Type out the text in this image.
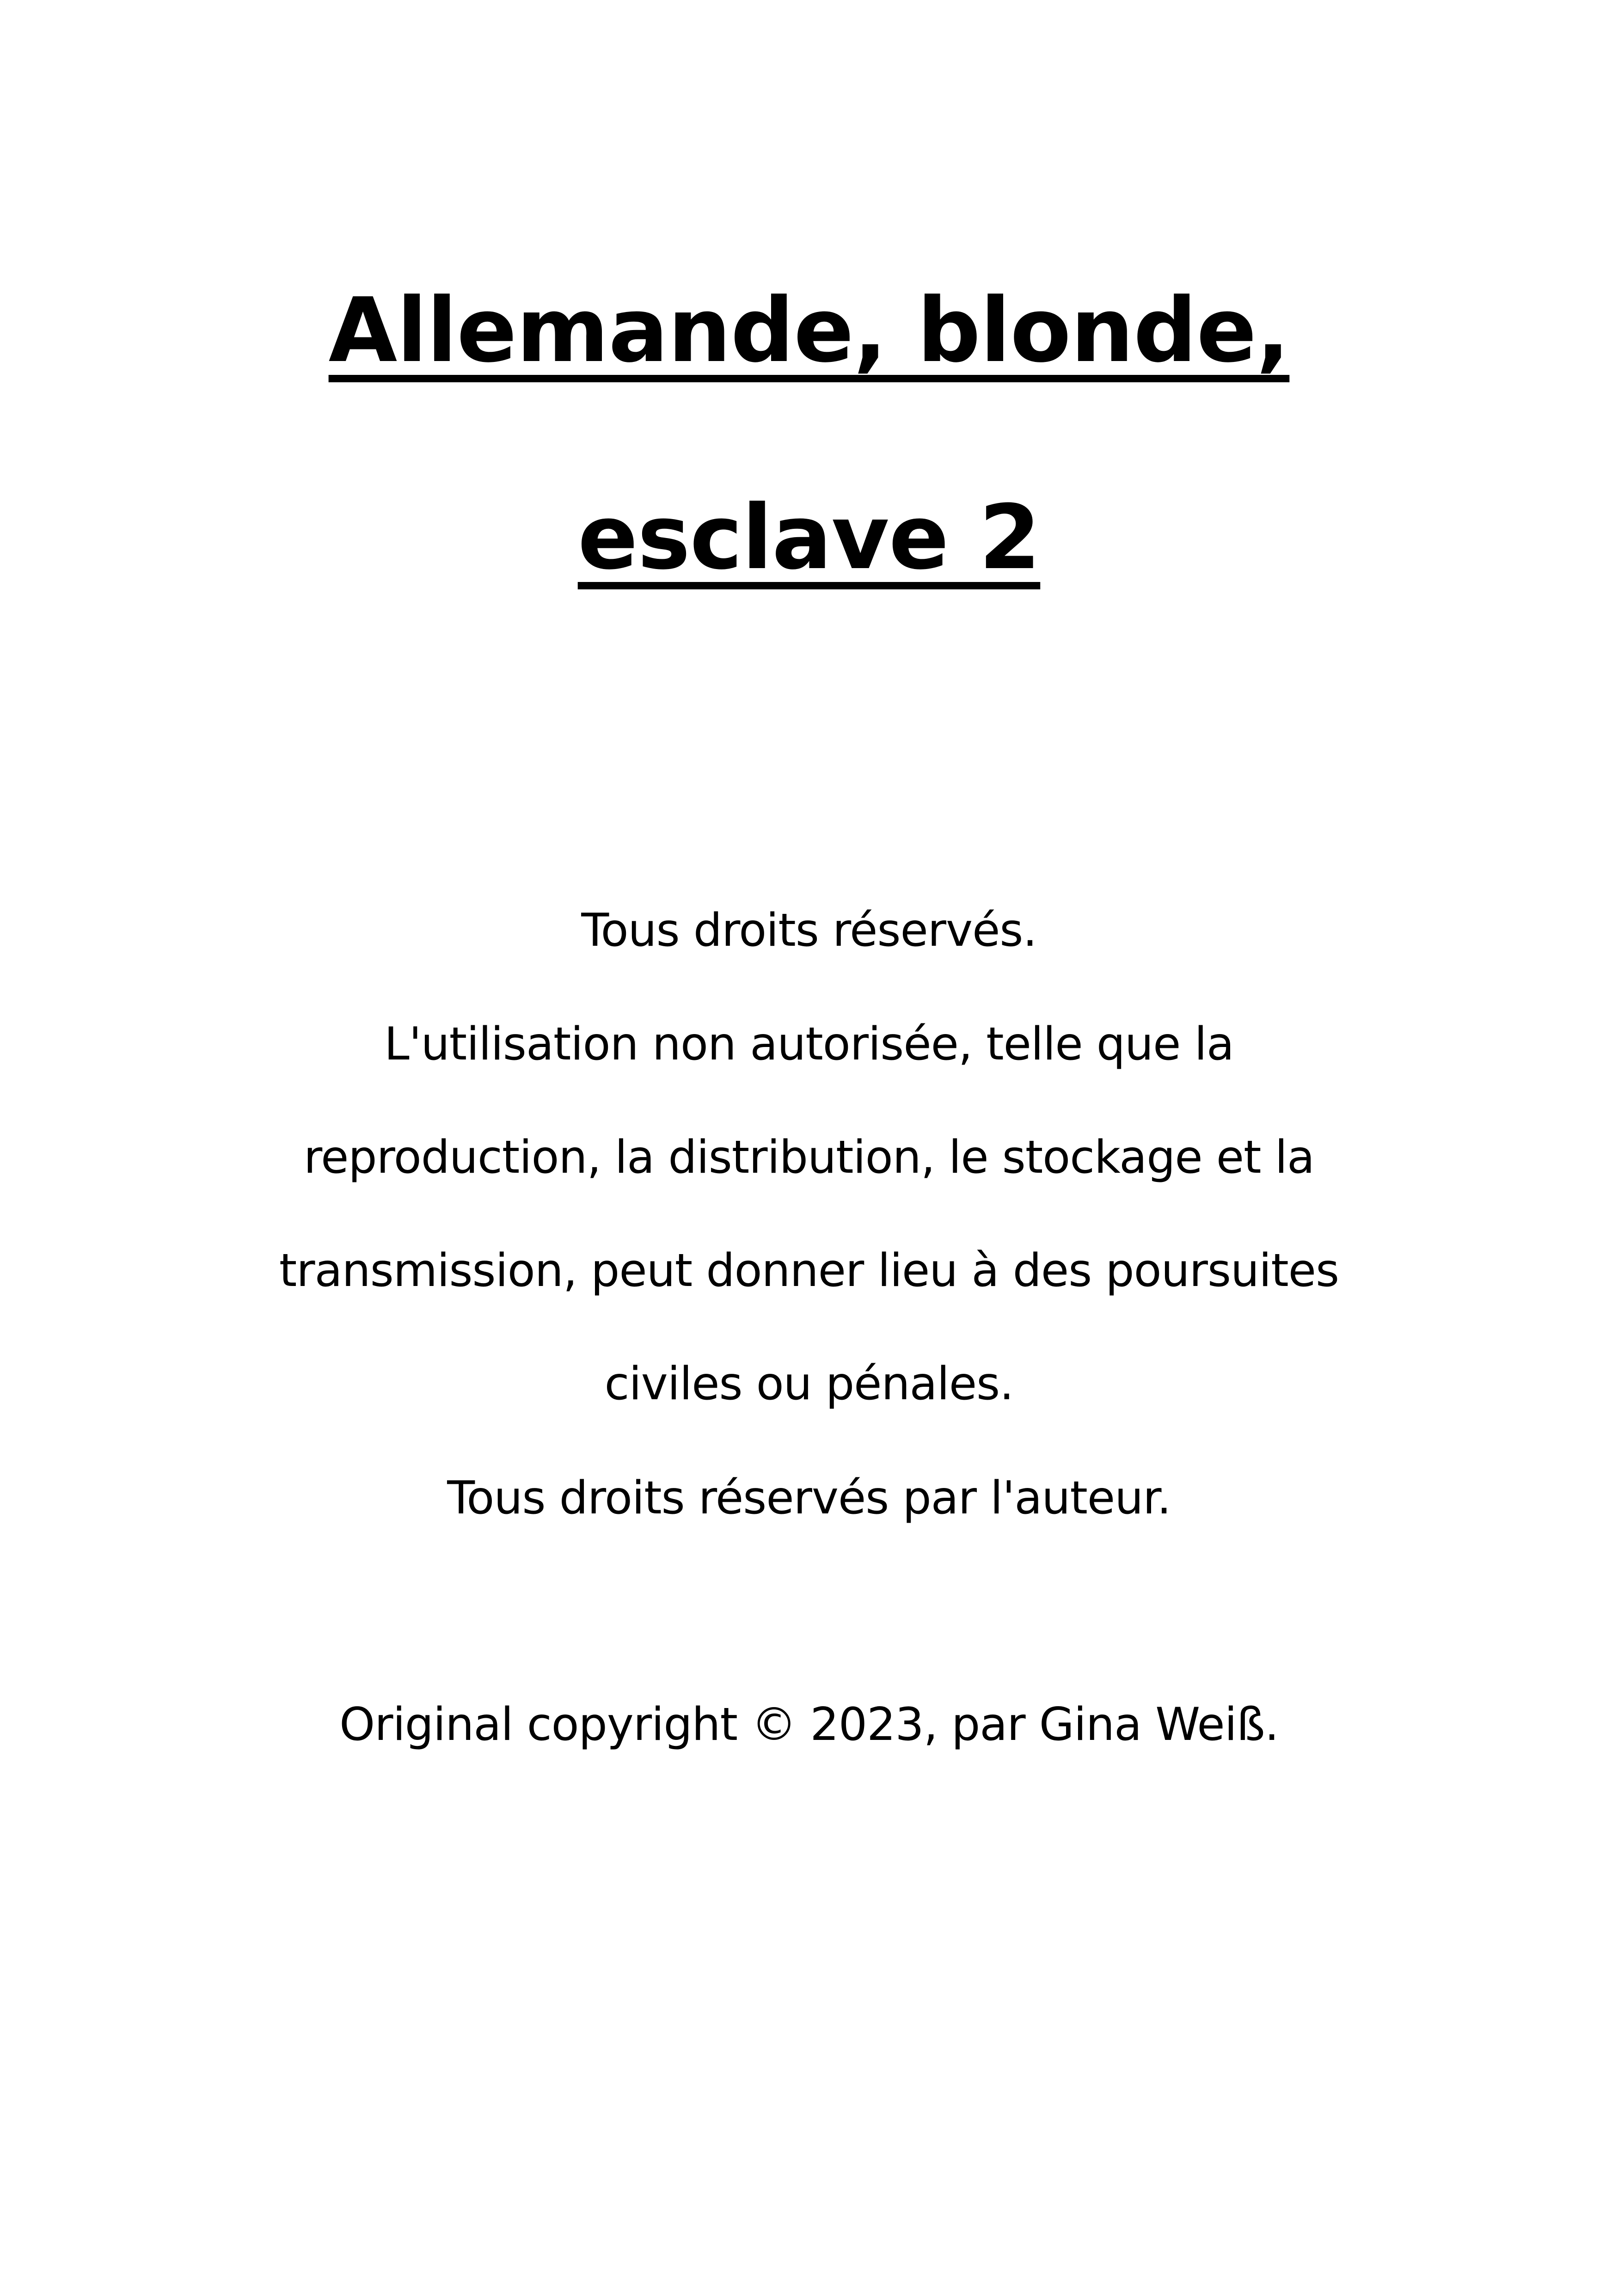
Allemande, blonde,
esclave 2
Tous droits réservés.
L'utilisation non autorisée, telle que la
reproduction, la distribution, le stockage et la
transmission, peut donner lieu à des poursuites
civiles ou pénales.
Tous droits réservés par l'auteur.
Original copyright © 2023, par Gina Weiß.
